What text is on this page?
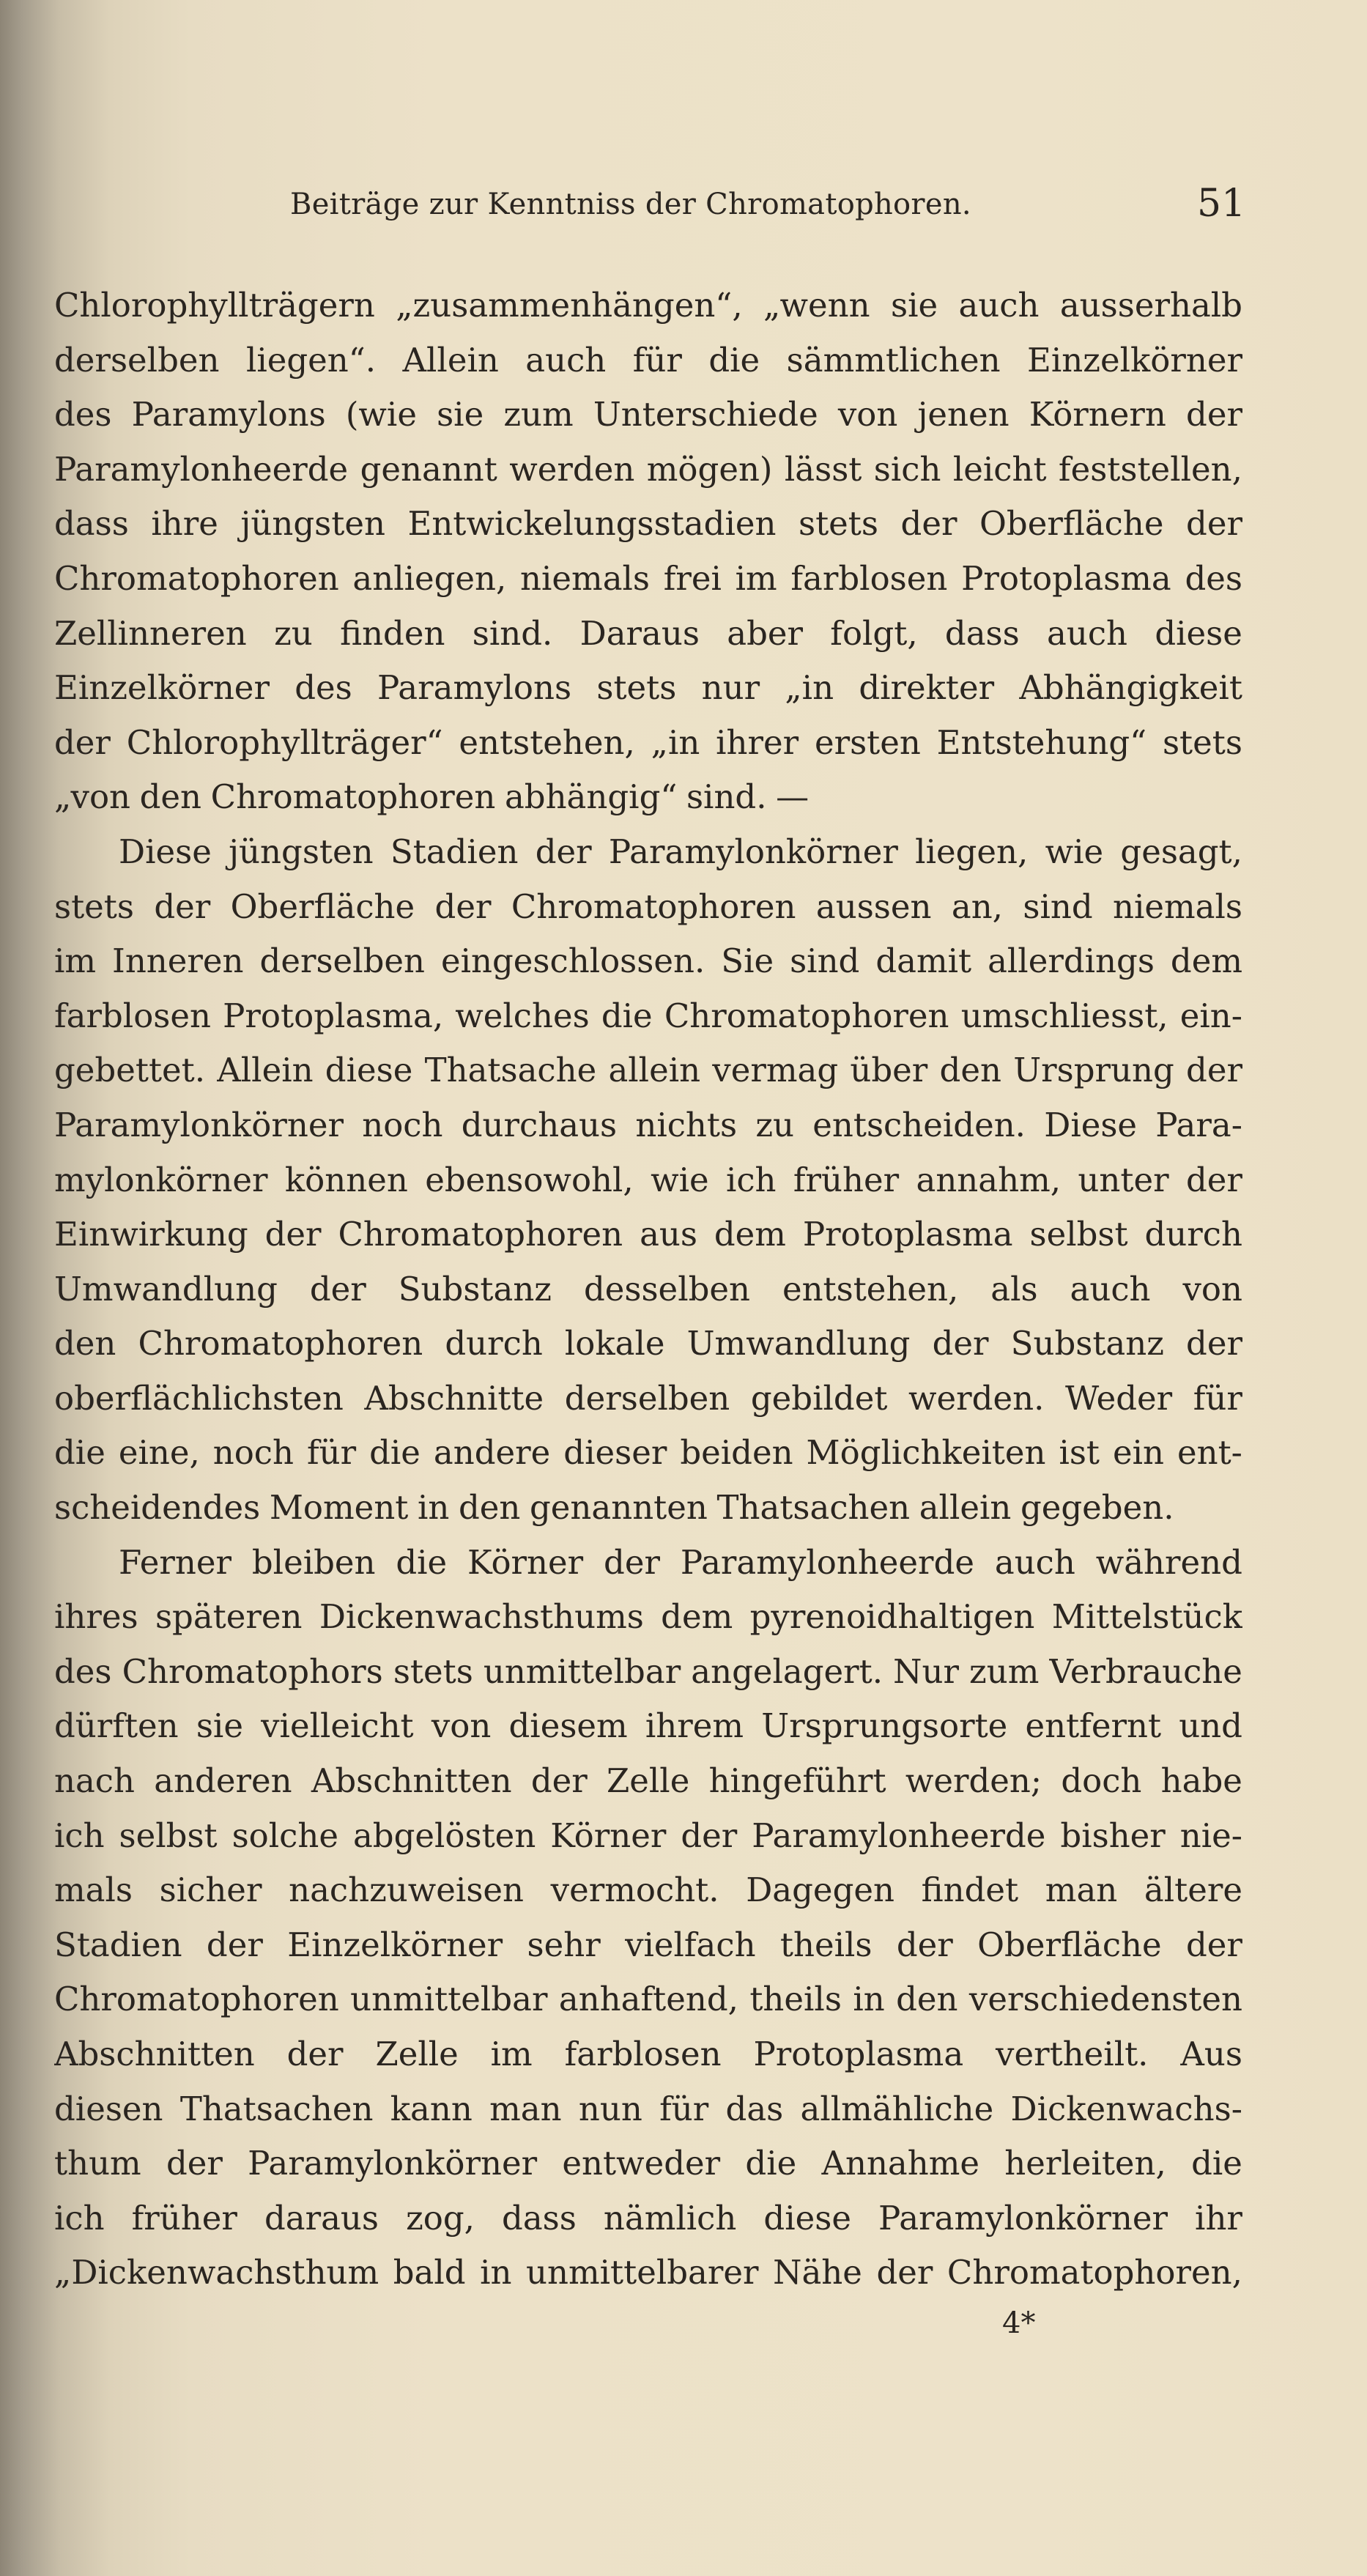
Beiträge zur Kenntniss der Chromatophoren.	51
Chlorophyllträgern „zusammenhängen“, „wenn sie auch ausserhalb
derselben liegen“. Allein auch für die sämmtlichen Einzelkörner
des Paramylons (wie sie zum Unterschiede von jenen Körnern der
Paramylonheerde genannt werden mögen) lässt sich leicht feststellen,
dass ihre jüngsten Entwickelungsstadien stets der Oberfläche der
Chromatophoren anliegen, niemals frei im farblosen Protoplasma des
Zellinneren zu finden sind. Daraus aber folgt, dass auch diese
Einzelkörner des Paramylons stets nur „in direkter Abhängigkeit
der Chlorophyllträger“ entstehen, „in ihrer ersten Entstehung“ stets
„von den Chromatophoren abhängig“ sind. —
Diese jüngsten Stadien der Paramylonkörner liegen, wie gesagt,
stets der Oberfläche der Chromatophoren aussen an, sind niemals
im Inneren derselben eingeschlossen. Sie sind damit allerdings dem
farblosen Protoplasma, welches die Chromatophoren umschliesst, ein-
gebettet. Allein diese Thatsache allein vermag über den Ursprung der
Paramylonkörner noch durchaus nichts zu entscheiden. Diese Para-
mylonkörner können ebensowohl, wie ich früher annahm, unter der
Einwirkung der Chromatophoren aus dem Protoplasma selbst durch
Umwandlung der Substanz desselben entstehen, als auch von
den Chromatophoren durch lokale Umwandlung der Substanz der
oberflächlichsten Abschnitte derselben gebildet werden. Weder für
die eine, noch für die andere dieser beiden Möglichkeiten ist ein ent-
scheidendes Moment in den genannten Thatsachen allein gegeben.
Ferner bleiben die Körner der Paramylonheerde auch während
ihres späteren Dickenwachsthums dem pyrenoidhaltigen Mittelstück
des Chromatophors stets unmittelbar angelagert. Nur zum Verbrauche
dürften sie vielleicht von diesem ihrem Ursprungsorte entfernt und
nach anderen Abschnitten der Zelle hingeführt werden; doch habe
ich selbst solche abgelösten Körner der Paramylonheerde bisher nie-
mals sicher nachzuweisen vermocht. Dagegen findet man ältere
Stadien der Einzelkörner sehr vielfach theils der Oberfläche der
Chromatophoren unmittelbar anhaftend, theils in den verschiedensten
Abschnitten der Zelle im farblosen Protoplasma vertheilt. Aus
diesen Thatsachen kann man nun für das allmähliche Dickenwachs-
thum der Paramylonkörner entweder die Annahme herleiten, die
ich früher daraus zog, dass nämlich diese Paramylonkörner ihr
„Dickenwachsthum bald in unmittelbarer Nähe der Chromatophoren,
4*
